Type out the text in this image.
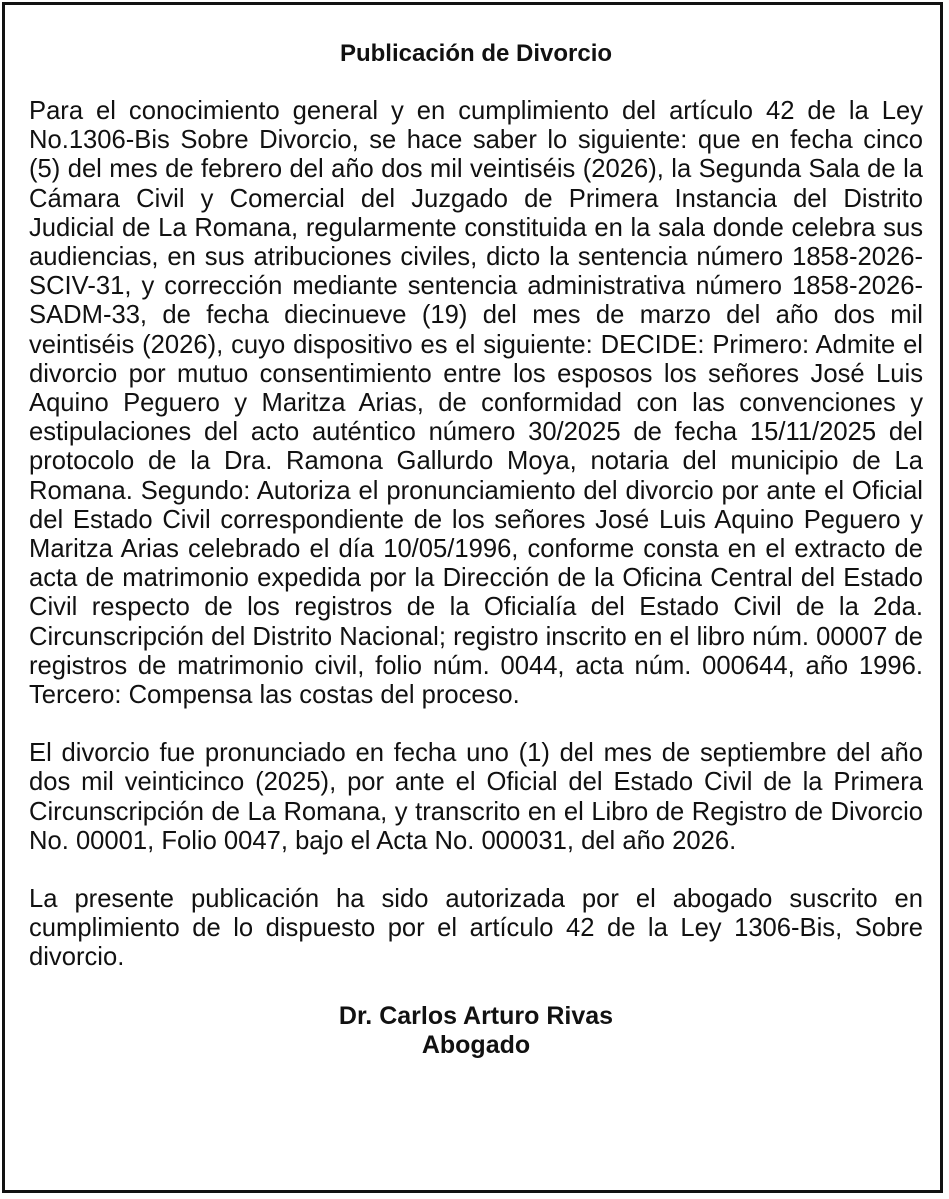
Publicación de Divorcio
Para el conocimiento general y en cumplimiento del artículo 42 de la Ley No.1306-Bis Sobre Divorcio, se hace saber lo siguiente: que en fecha cinco (5) del mes de febrero del año dos mil veintiséis (2026), la Segunda Sala de la Cámara Civil y Comercial del Juzgado de Primera Instancia del Distrito Judicial de La Romana, regularmente constituida en la sala donde celebra sus audiencias, en sus atribuciones civiles, dicto la sentencia número 1858-2026-SCIV-31, y corrección mediante sentencia administrativa número 1858-2026-SADM-33, de fecha diecinueve (19) del mes de marzo del año dos mil veintiséis (2026), cuyo dispositivo es el siguiente: DECIDE: Primero: Admite el divorcio por mutuo consentimiento entre los esposos los señores José Luis Aquino Peguero y Maritza Arias, de conformidad con las convenciones y estipulaciones del acto auténtico número 30/2025 de fecha 15/11/2025 del protocolo de la Dra. Ramona Gallurdo Moya, notaria del municipio de La Romana. Segundo: Autoriza el pronunciamiento del divorcio por ante el Oficial del Estado Civil correspondiente de los señores José Luis Aquino Peguero y Maritza Arias celebrado el día 10/05/1996, conforme consta en el extracto de acta de matrimonio expedida por la Dirección de la Oficina Central del Estado Civil respecto de los registros de la Oficialía del Estado Civil de la 2da. Circunscripción del Distrito Nacional; registro inscrito en el libro núm. 00007 de registros de matrimonio civil, folio núm. 0044, acta núm. 000644, año 1996. Tercero: Compensa las costas del proceso.
El divorcio fue pronunciado en fecha uno (1) del mes de septiembre del año dos mil veinticinco (2025), por ante el Oficial del Estado Civil de la Primera Circunscripción de La Romana, y transcrito en el Libro de Registro de Divorcio No. 00001, Folio 0047, bajo el Acta No. 000031, del año 2026.
La presente publicación ha sido autorizada por el abogado suscrito en cumplimiento de lo dispuesto por el artículo 42 de la Ley 1306-Bis, Sobre divorcio.
Dr. Carlos Arturo Rivas
Abogado
